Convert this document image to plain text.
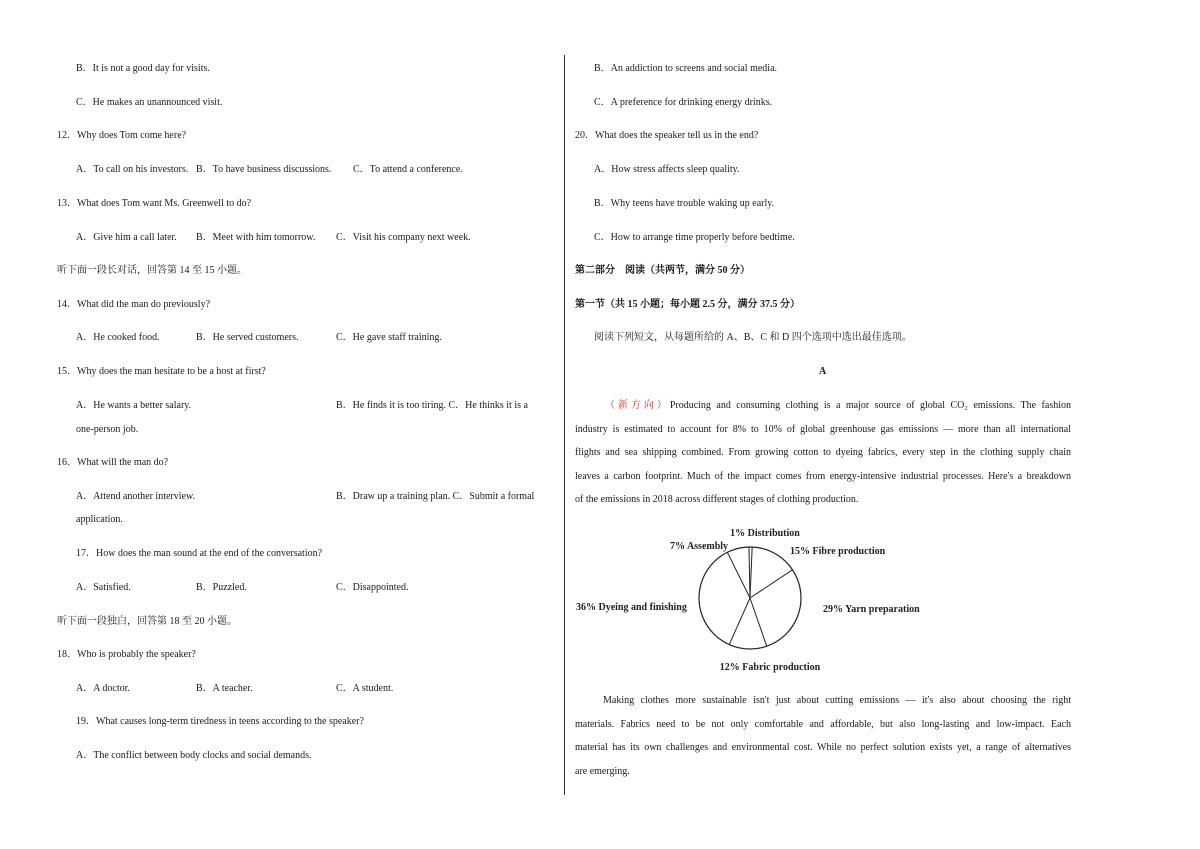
B．It is not a good day for visits.
C．He makes an unannounced visit.
12．Why does Tom come here?
A．To call on his investors. B．To have business discussions. C．To attend a conference.
13．What does Tom want Ms. Greenwell to do?
A．Give him a call later. B．Meet with him tomorrow. C．Visit his company next week.
听下面一段长对话，回答第 14 至 15 小题。
14．What did the man do previously?
A．He cooked food.	B．He served customers.	C．He gave staff training.
15．Why does the man hesitate to be a host at first?
A．He wants a better salary.	B．He finds it is too tiring. C．He thinks it is a
one-person job.
16．What will the man do?
A．Attend another interview.	B．Draw up a training plan. C．Submit a formal
application.
17．How does the man sound at the end of the conversation?
A．Satisfied.	B．Puzzled.	C．Disappointed.
听下面一段独白，回答第 18 至 20 小题。
18．Who is probably the speaker?
A．A doctor.	B．A teacher.	C．A student.
19．What causes long-term tiredness in teens according to the speaker?
A．The conflict between body clocks and social demands.
B．An addiction to screens and social media.
C．A preference for drinking energy drinks.
20．What does the speaker tell us in the end?
A．How stress affects sleep quality.
B．Why teens have trouble waking up early.
C．How to arrange time properly before bedtime.
第二部分　阅读（共两节，满分 50 分）
第一节（共 15 小题；每小题 2.5 分，满分 37.5 分）
阅读下列短文，从每题所给的 A、B、C 和 D 四个选项中选出最佳选项。
A
（新方向）Producing and consuming clothing is a major source of global CO₂ emissions. The fashion
industry is estimated to account for 8% to 10% of global greenhouse gas emissions — more than all international
flights and sea shipping combined. From growing cotton to dyeing fabrics, every step in the clothing supply chain
leaves a carbon footprint. Much of the impact comes from energy-intensive industrial processes. Here's a breakdown
of the emissions in 2018 across different stages of clothing production.
1% Distribution
15% Fibre production
29% Yarn preparation
12% Fabric production
36% Dyeing and finishing
7% Assembly
Making clothes more sustainable isn't just about cutting emissions — it's also about choosing the right
materials. Fabrics need to be not only comfortable and affordable, but also long-lasting and low-impact. Each
material has its own challenges and environmental cost. While no perfect solution exists yet, a range of alternatives
are emerging.
